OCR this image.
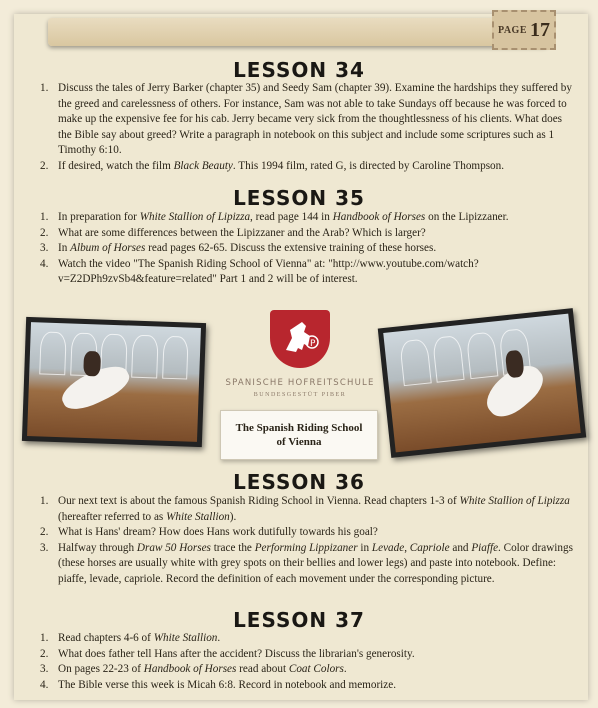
PAGE 17
LESSON 34
1. Discuss the tales of Jerry Barker (chapter 35) and Seedy Sam (chapter 39). Examine the hardships they suffered by the greed and carelessness of others. For instance, Sam was not able to take Sundays off because he was forced to make up the expensive fee for his cab. Jerry became very sick from the thoughtlessness of his clients. What does the Bible say about greed? Write a paragraph in notebook on this subject and include some scriptures such as 1 Timothy 6:10.
2. If desired, watch the film Black Beauty. This 1994 film, rated G, is directed by Caroline Thompson.
LESSON 35
1. In preparation for White Stallion of Lipizza, read page 144 in Handbook of Horses on the Lipizzaner.
2. What are some differences between the Lipizzaner and the Arab? Which is larger?
3. In Album of Horses read pages 62-65. Discuss the extensive training of these horses.
4. Watch the video "The Spanish Riding School of Vienna" at: "http://www.youtube.com/watch?v=Z2DPh9zvSb4&feature=related" Part 1 and 2 will be of interest.
P
SPANISCHE HOFREITSCHULE
BUNDESGESTÜT PIBER
The Spanish Riding School
of Vienna
LESSON 36
1. Our next text is about the famous Spanish Riding School in Vienna. Read chapters 1-3 of White Stallion of Lipizza (hereafter referred to as White Stallion).
2. What is Hans' dream? How does Hans work dutifully towards his goal?
3. Halfway through Draw 50 Horses trace the Performing Lippizaner in Levade, Capriole and Piaffe. Color drawings (these horses are usually white with grey spots on their bellies and lower legs) and paste into notebook. Define: piaffe, levade, capriole. Record the definition of each movement under the corresponding picture.
LESSON 37
1. Read chapters 4-6 of White Stallion.
2. What does father tell Hans after the accident? Discuss the librarian's generosity.
3. On pages 22-23 of Handbook of Horses read about Coat Colors.
4. The Bible verse this week is Micah 6:8. Record in notebook and memorize.
